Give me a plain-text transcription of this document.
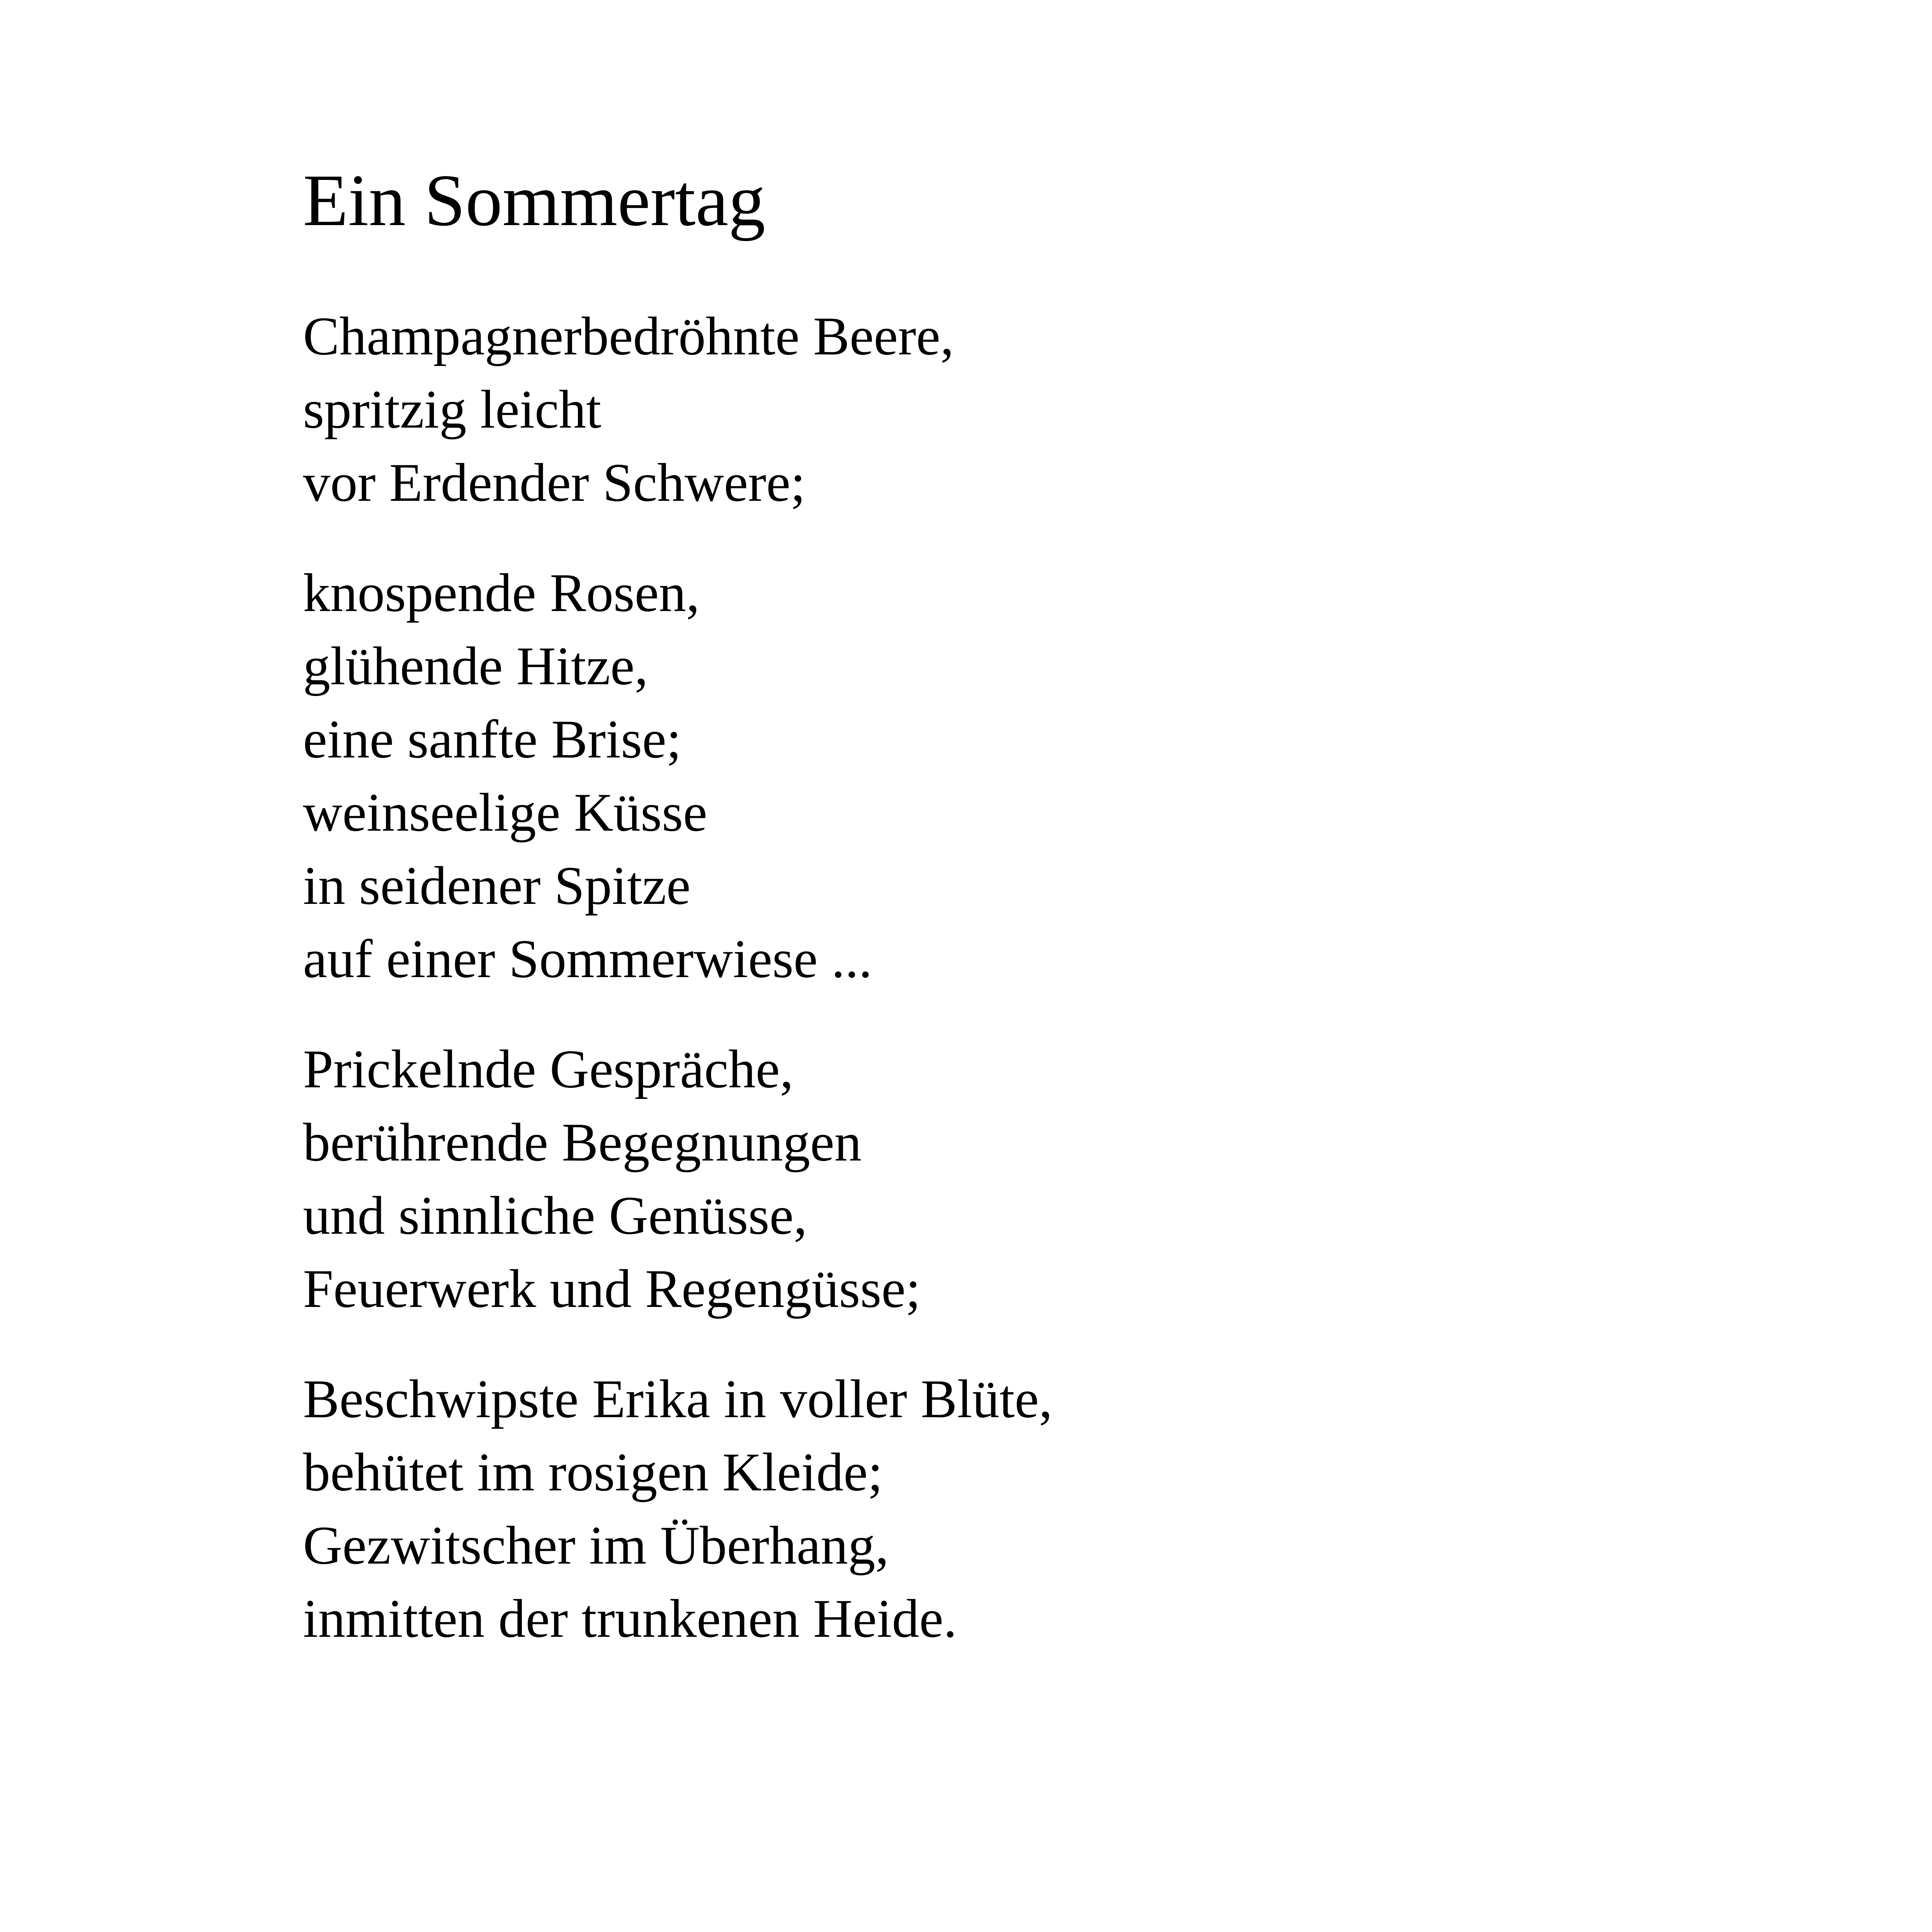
Ein Sommertag
Champagnerbedröhnte Beere,
spritzig leicht
vor Erdender Schwere;
knospende Rosen,
glühende Hitze,
eine sanfte Brise;
weinseelige Küsse
in seidener Spitze
auf einer Sommerwiese ...
Prickelnde Gespräche,
berührende Begegnungen
und sinnliche Genüsse,
Feuerwerk und Regengüsse;
Beschwipste Erika in voller Blüte,
behütet im rosigen Kleide;
Gezwitscher im Überhang,
inmitten der trunkenen Heide.
